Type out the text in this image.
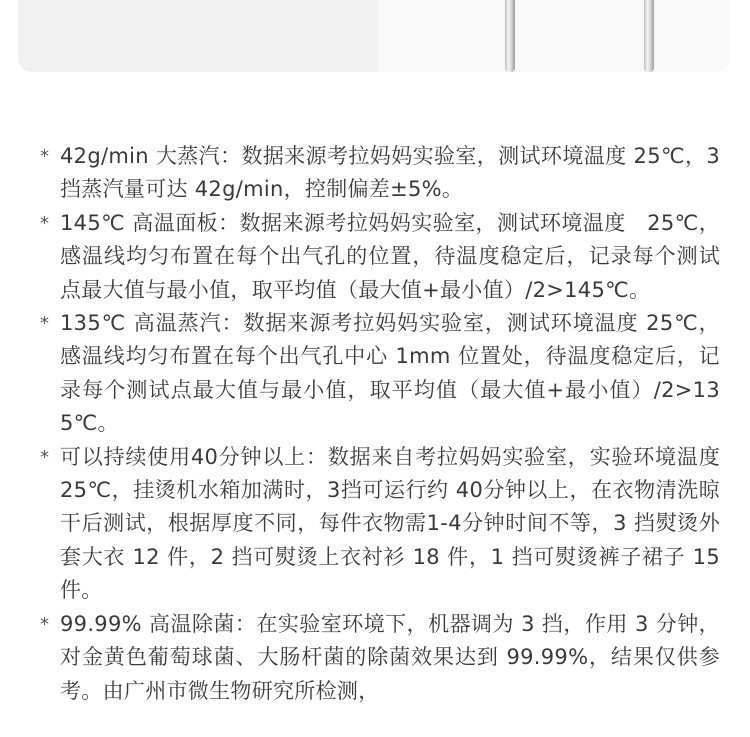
* 42g/min 大蒸汽：数据来源考拉妈妈实验室，测试环境温度 25℃，3 挡蒸汽量可达 42g/min，控制偏差±5%。
* 145℃ 高温面板：数据来源考拉妈妈实验室，测试环境温度　25℃，感温线均匀布置在每个出气孔的位置，待温度稳定后，记录每个测试点最大值与最小值，取平均值（最大值+最小值）/2>145℃。
* 135℃ 高温蒸汽：数据来源考拉妈妈实验室，测试环境温度 25℃，感温线均匀布置在每个出气孔中心 1mm 位置处，待温度稳定后，记录每个测试点最大值与最小值，取平均值（最大值+最小值）/2>135℃。
* 可以持续使用40分钟以上：数据来自考拉妈妈实验室，实验环境温度 25℃，挂烫机水箱加满时，3挡可运行约 40分钟以上，在衣物清洗晾干后测试，根据厚度不同，每件衣物需1-4分钟时间不等，3 挡熨烫外套大衣 12 件，2 挡可熨烫上衣衬衫 18 件，1 挡可熨烫裤子裙子 15 件。
* 99.99% 高温除菌：在实验室环境下，机器调为 3 挡，作用 3 分钟，对金黄色葡萄球菌、大肠杆菌的除菌效果达到 99.99%，结果仅供参考。由广州市微生物研究所检测，
